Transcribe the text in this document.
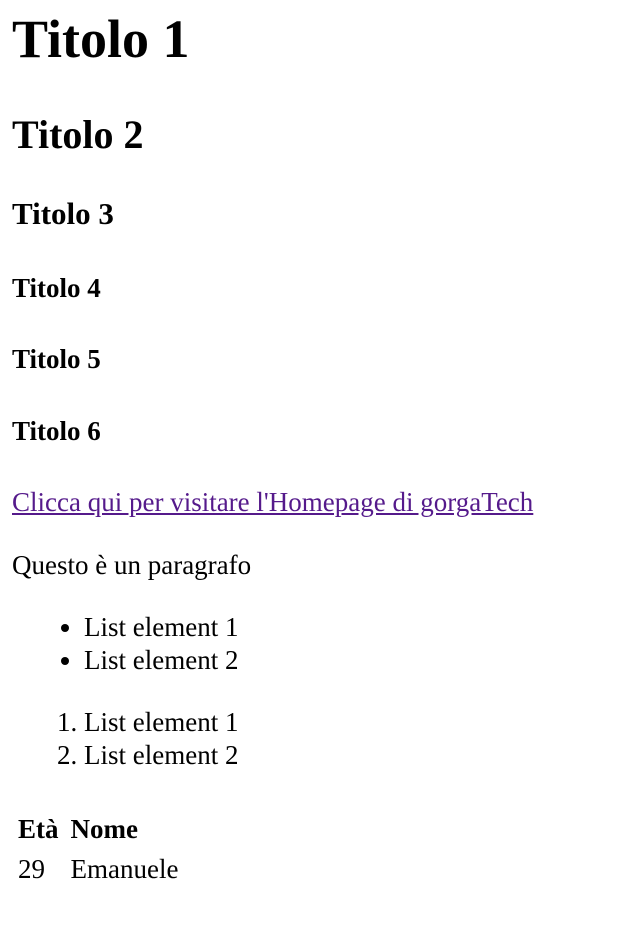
Titolo 1
Titolo 2
Titolo 3
Titolo 4
Titolo 5
Titolo 6
Clicca qui per visitare l'Homepage di gorgaTech

Questo è un paragrafo

• List element 1
• List element 2
1. List element 1
2. List element 2
Età	Nome
29	Emanuele
